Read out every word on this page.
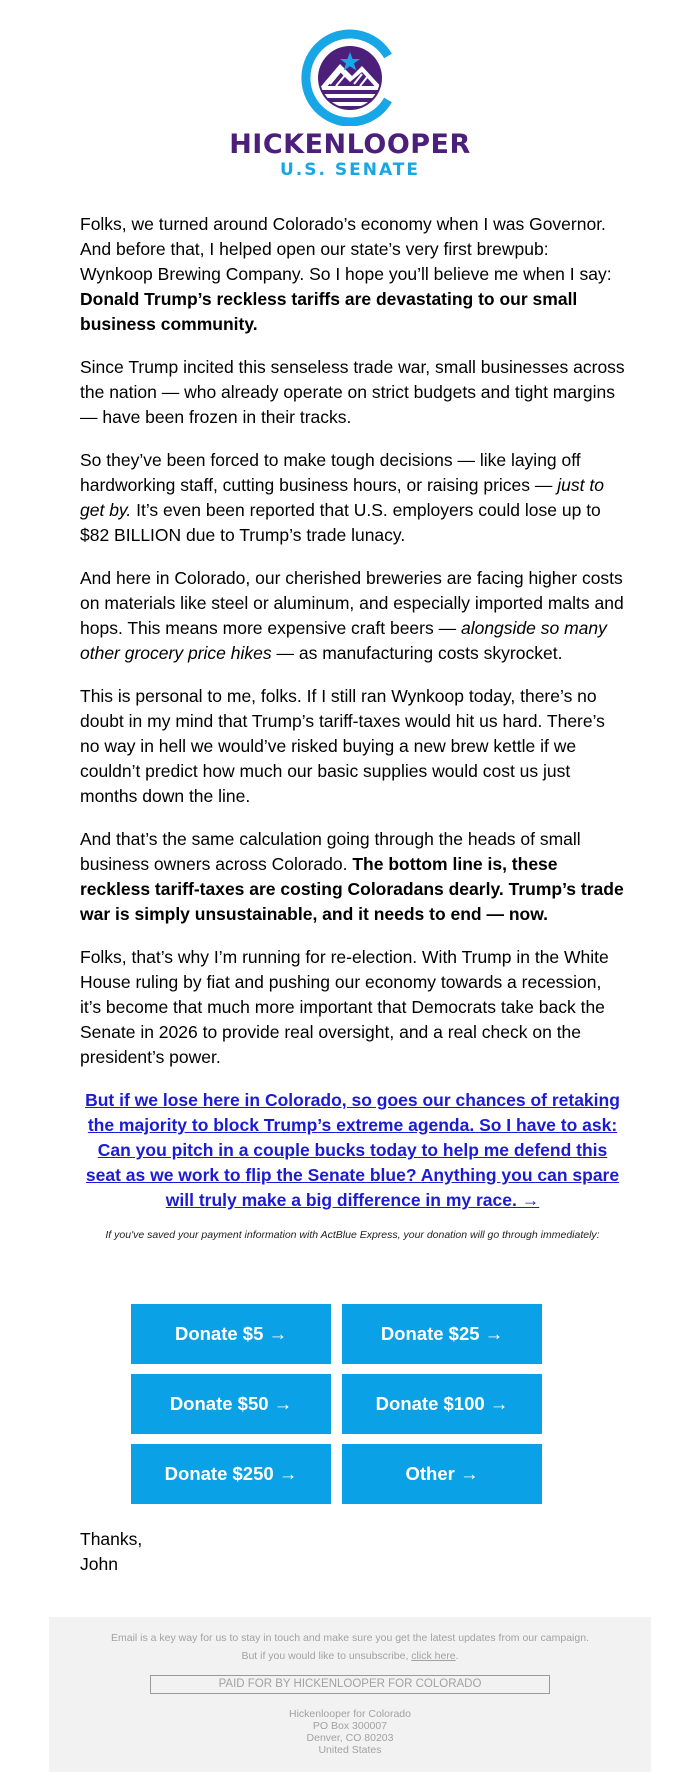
HICKENLOOPER
U.S. SENATE

Folks, we turned around Colorado’s economy when I was Governor. And before that, I helped open our state’s very first brewpub: Wynkoop Brewing Company. So I hope you’ll believe me when I say: Donald Trump’s reckless tariffs are devastating to our small business community.

Since Trump incited this senseless trade war, small businesses across the nation — who already operate on strict budgets and tight margins — have been frozen in their tracks.

So they’ve been forced to make tough decisions — like laying off hardworking staff, cutting business hours, or raising prices — just to get by. It’s even been reported that U.S. employers could lose up to $82 BILLION due to Trump’s trade lunacy.

And here in Colorado, our cherished breweries are facing higher costs on materials like steel or aluminum, and especially imported malts and hops. This means more expensive craft beers — alongside so many other grocery price hikes — as manufacturing costs skyrocket.

This is personal to me, folks. If I still ran Wynkoop today, there’s no doubt in my mind that Trump’s tariff-taxes would hit us hard. There’s no way in hell we would’ve risked buying a new brew kettle if we couldn’t predict how much our basic supplies would cost us just months down the line.

And that’s the same calculation going through the heads of small business owners across Colorado. The bottom line is, these reckless tariff-taxes are costing Coloradans dearly. Trump’s trade war is simply unsustainable, and it needs to end — now.

Folks, that’s why I’m running for re-election. With Trump in the White House ruling by fiat and pushing our economy towards a recession, it’s become that much more important that Democrats take back the Senate in 2026 to provide real oversight, and a real check on the president’s power.

But if we lose here in Colorado, so goes our chances of retaking the majority to block Trump’s extreme agenda. So I have to ask: Can you pitch in a couple bucks today to help me defend this seat as we work to flip the Senate blue? Anything you can spare will truly make a big difference in my race. →
If you've saved your payment information with ActBlue Express, your donation will go through immediately:
Donate $5 →	Donate $25 →
Donate $50 →	Donate $100 →
Donate $250 →	Other →
Thanks,
John
Email is a key way for us to stay in touch and make sure you get the latest updates from our campaign.
But if you would like to unsubscribe, click here.
PAID FOR BY HICKENLOOPER FOR COLORADO
Hickenlooper for Colorado
PO Box 300007
Denver, CO 80203
United States
